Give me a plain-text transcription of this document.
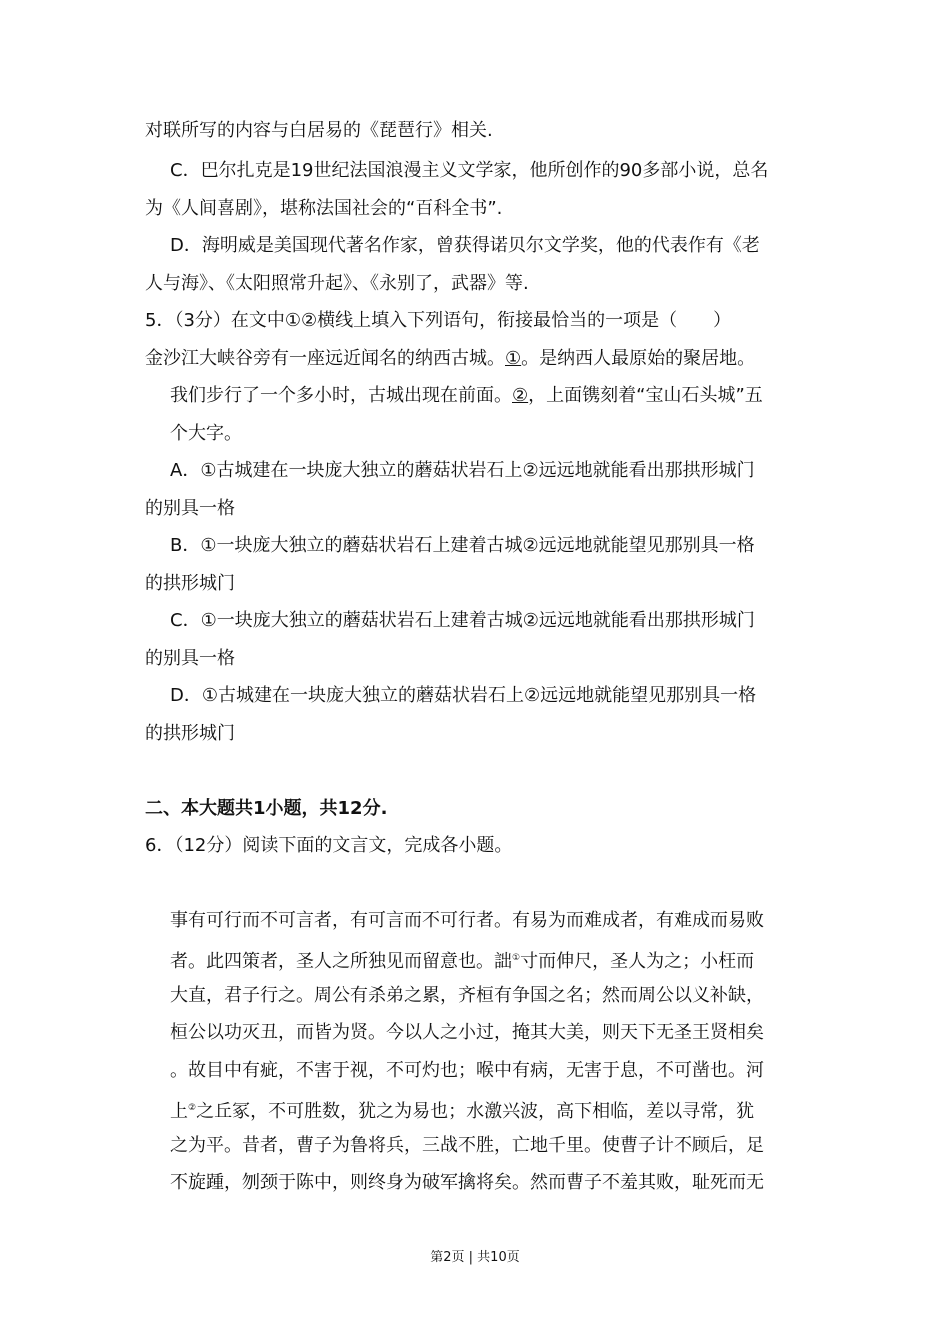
对联所写的内容与白居易的《琵琶行》相关.
C．巴尔扎克是19世纪法国浪漫主义文学家，他所创作的90多部小说，总名
为《人间喜剧》，堪称法国社会的“百科全书”.
D．海明威是美国现代著名作家，曾获得诺贝尔文学奖，他的代表作有《老
人与海》、《太阳照常升起》、《永别了，武器》等.
5．（3分）在文中①②横线上填入下列语句，衔接最恰当的一项是（　　）
金沙江大峡谷旁有一座远近闻名的纳西古城。①。是纳西人最原始的聚居地。
我们步行了一个多小时，古城出现在前面。②，上面镌刻着“宝山石头城”五
个大字。
A．①古城建在一块庞大独立的蘑菇状岩石上②远远地就能看出那拱形城门
的别具一格
B．①一块庞大独立的蘑菇状岩石上建着古城②远远地就能望见那别具一格
的拱形城门
C．①一块庞大独立的蘑菇状岩石上建着古城②远远地就能看出那拱形城门
的别具一格
D．①古城建在一块庞大独立的蘑菇状岩石上②远远地就能望见那别具一格
的拱形城门
二、本大题共1小题，共12分.
6．（12分）阅读下面的文言文，完成各小题。
事有可行而不可言者，有可言而不可行者。有易为而难成者，有难成而易败
者。此四策者，圣人之所独见而留意也。詘①寸而伸尺，圣人为之；小枉而
大直，君子行之。周公有杀弟之累，齐桓有争国之名；然而周公以义补缺，
桓公以功灭丑，而皆为贤。今以人之小过，掩其大美，则天下无圣王贤相矣
。故目中有疵，不害于视，不可灼也；喉中有病，无害于息，不可凿也。河
上②之丘冢，不可胜数，犹之为易也；水激兴波，高下相临，差以寻常，犹
之为平。昔者，曹子为鲁将兵，三战不胜，亡地千里。使曹子计不顾后，足
不旋踵，刎颈于陈中，则终身为破军擒将矣。然而曹子不羞其败，耻死而无
第2页 | 共10页
